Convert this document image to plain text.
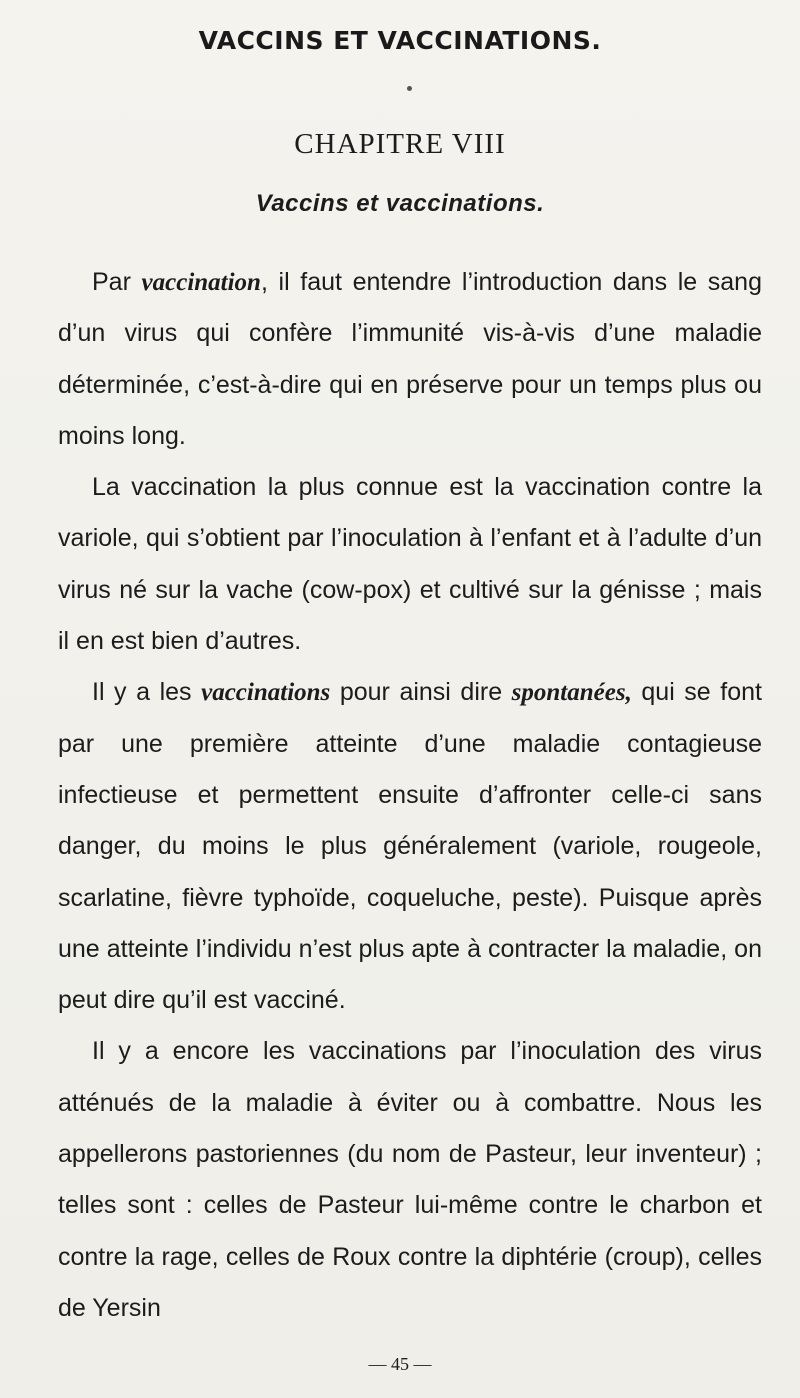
VACCINS ET VACCINATIONS.
CHAPITRE VIII
Vaccins et vaccinations.

Par vaccination, il faut entendre l’introduction dans le sang d’un virus qui confère l’immunité vis-à-vis d’une maladie déterminée, c’est-à-dire qui en préserve pour un temps plus ou moins long.

La vaccination la plus connue est la vaccination contre la variole, qui s’obtient par l’inoculation à l’enfant et à l’adulte d’un virus né sur la vache (cow-pox) et cultivé sur la génisse ; mais il en est bien d’autres.

Il y a les vaccinations pour ainsi dire spontanées, qui se font par une première atteinte d’une maladie contagieuse infectieuse et permettent ensuite d’affronter celle-ci sans danger, du moins le plus généralement (variole, rougeole, scarlatine, fièvre typhoïde, coqueluche, peste). Puisque après une atteinte l’individu n’est plus apte à contracter la maladie, on peut dire qu’il est vacciné.

Il y a encore les vaccinations par l’inoculation des virus atténués de la maladie à éviter ou à combattre. Nous les appellerons pastoriennes (du nom de Pasteur, leur inventeur) ; telles sont : celles de Pasteur lui-même contre le charbon et contre la rage, celles de Roux contre la diphtérie (croup), celles de Yersin

— 45 —
